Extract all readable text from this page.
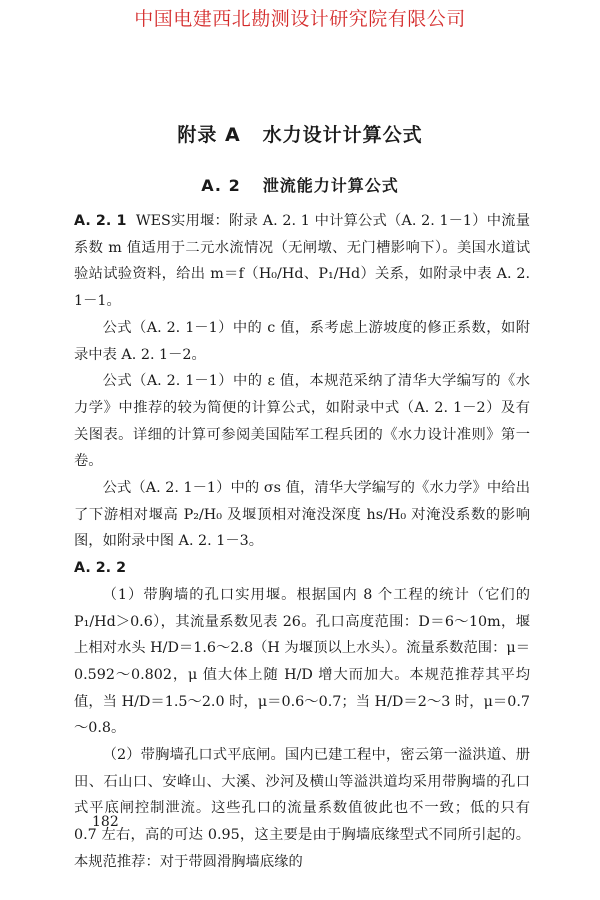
中国电建西北勘测设计研究院有限公司
附录 A 水力设计计算公式
A. 2 泄流能力计算公式

A. 2. 1 WES实用堰：附录 A. 2. 1 中计算公式（A. 2. 1－1）中流量系数 m 值适用于二元水流情况（无闸墩、无门槽影响下）。美国水道试验站试验资料，给出 m＝f（H₀/Hd、P₁/Hd）关系，如附录中表 A. 2. 1－1。

公式（A. 2. 1－1）中的 c 值，系考虑上游坡度的修正系数，如附录中表 A. 2. 1－2。

公式（A. 2. 1－1）中的 ε 值，本规范采纳了清华大学编写的《水力学》中推荐的较为简便的计算公式，如附录中式（A. 2. 1－2）及有关图表。详细的计算可参阅美国陆军工程兵团的《水力设计准则》第一卷。

公式（A. 2. 1－1）中的 σs 值，清华大学编写的《水力学》中给出了下游相对堰高 P₂/H₀ 及堰顶相对淹没深度 hs/H₀ 对淹没系数的影响图，如附录中图 A. 2. 1－3。

A. 2. 2

（1）带胸墙的孔口实用堰。根据国内 8 个工程的统计（它们的 P₁/Hd＞0.6），其流量系数见表 26。孔口高度范围：D＝6～10m，堰上相对水头 H/D＝1.6～2.8（H 为堰顶以上水头）。流量系数范围：μ＝0.592～0.802，μ 值大体上随 H/D 增大而加大。本规范推荐其平均值，当 H/D＝1.5～2.0 时，μ＝0.6～0.7；当 H/D＝2～3 时，μ＝0.7～0.8。

（2）带胸墙孔口式平底闸。国内已建工程中，密云第一溢洪道、册田、石山口、安峰山、大溪、沙河及横山等溢洪道均采用带胸墙的孔口式平底闸控制泄流。这些孔口的流量系数值彼此也不一致；低的只有 0.7 左右，高的可达 0.95，这主要是由于胸墙底缘型式不同所引起的。本规范推荐：对于带圆滑胸墙底缘的

182
